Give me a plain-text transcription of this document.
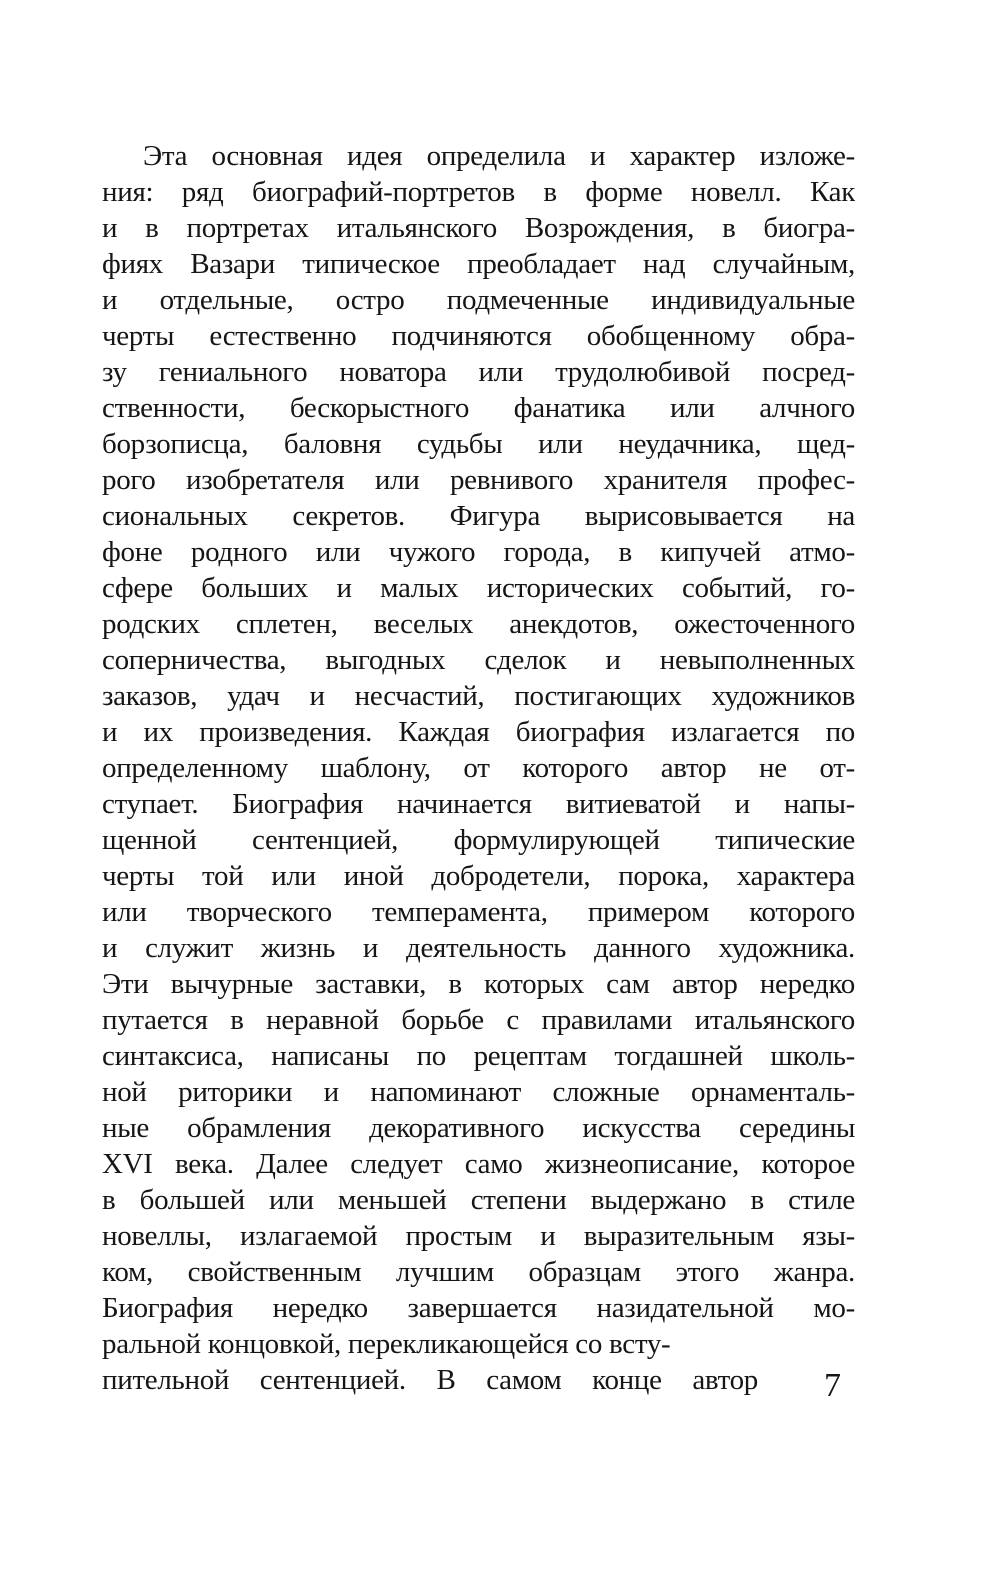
Эта основная идея определила и характер изложе-
ния: ряд биографий-портретов в форме новелл. Как
и в портретах итальянского Возрождения, в биогра-
фиях Вазари типическое преобладает над случайным,
и отдельные, остро подмеченные индивидуальные
черты естественно подчиняются обобщенному обра-
зу гениального новатора или трудолюбивой посред-
ственности, бескорыстного фанатика или алчного
борзописца, баловня судьбы или неудачника, щед-
рого изобретателя или ревнивого хранителя профес-
сиональных секретов. Фигура вырисовывается на
фоне родного или чужого города, в кипучей атмо-
сфере больших и малых исторических событий, го-
родских сплетен, веселых анекдотов, ожесточенного
соперничества, выгодных сделок и невыполненных
заказов, удач и несчастий, постигающих художников
и их произведения. Каждая биография излагается по
определенному шаблону, от которого автор не от-
ступает. Биография начинается витиеватой и напы-
щенной сентенцией, формулирующей типические
черты той или иной добродетели, порока, характера
или творческого темперамента, примером которого
и служит жизнь и деятельность данного художника.
Эти вычурные заставки, в которых сам автор нередко
путается в неравной борьбе с правилами итальянского
синтаксиса, написаны по рецептам тогдашней школь-
ной риторики и напоминают сложные орнаменталь-
ные обрамления декоративного искусства середины
XVI века. Далее следует само жизнеописание, которое
в большей или меньшей степени выдержано в стиле
новеллы, излагаемой простым и выразительным язы-
ком, свойственным лучшим образцам этого жанра.
Биография нередко завершается назидательной мо-
ральной концовкой, перекликающейся со всту-
пительной сентенцией. В самом конце автор 7
